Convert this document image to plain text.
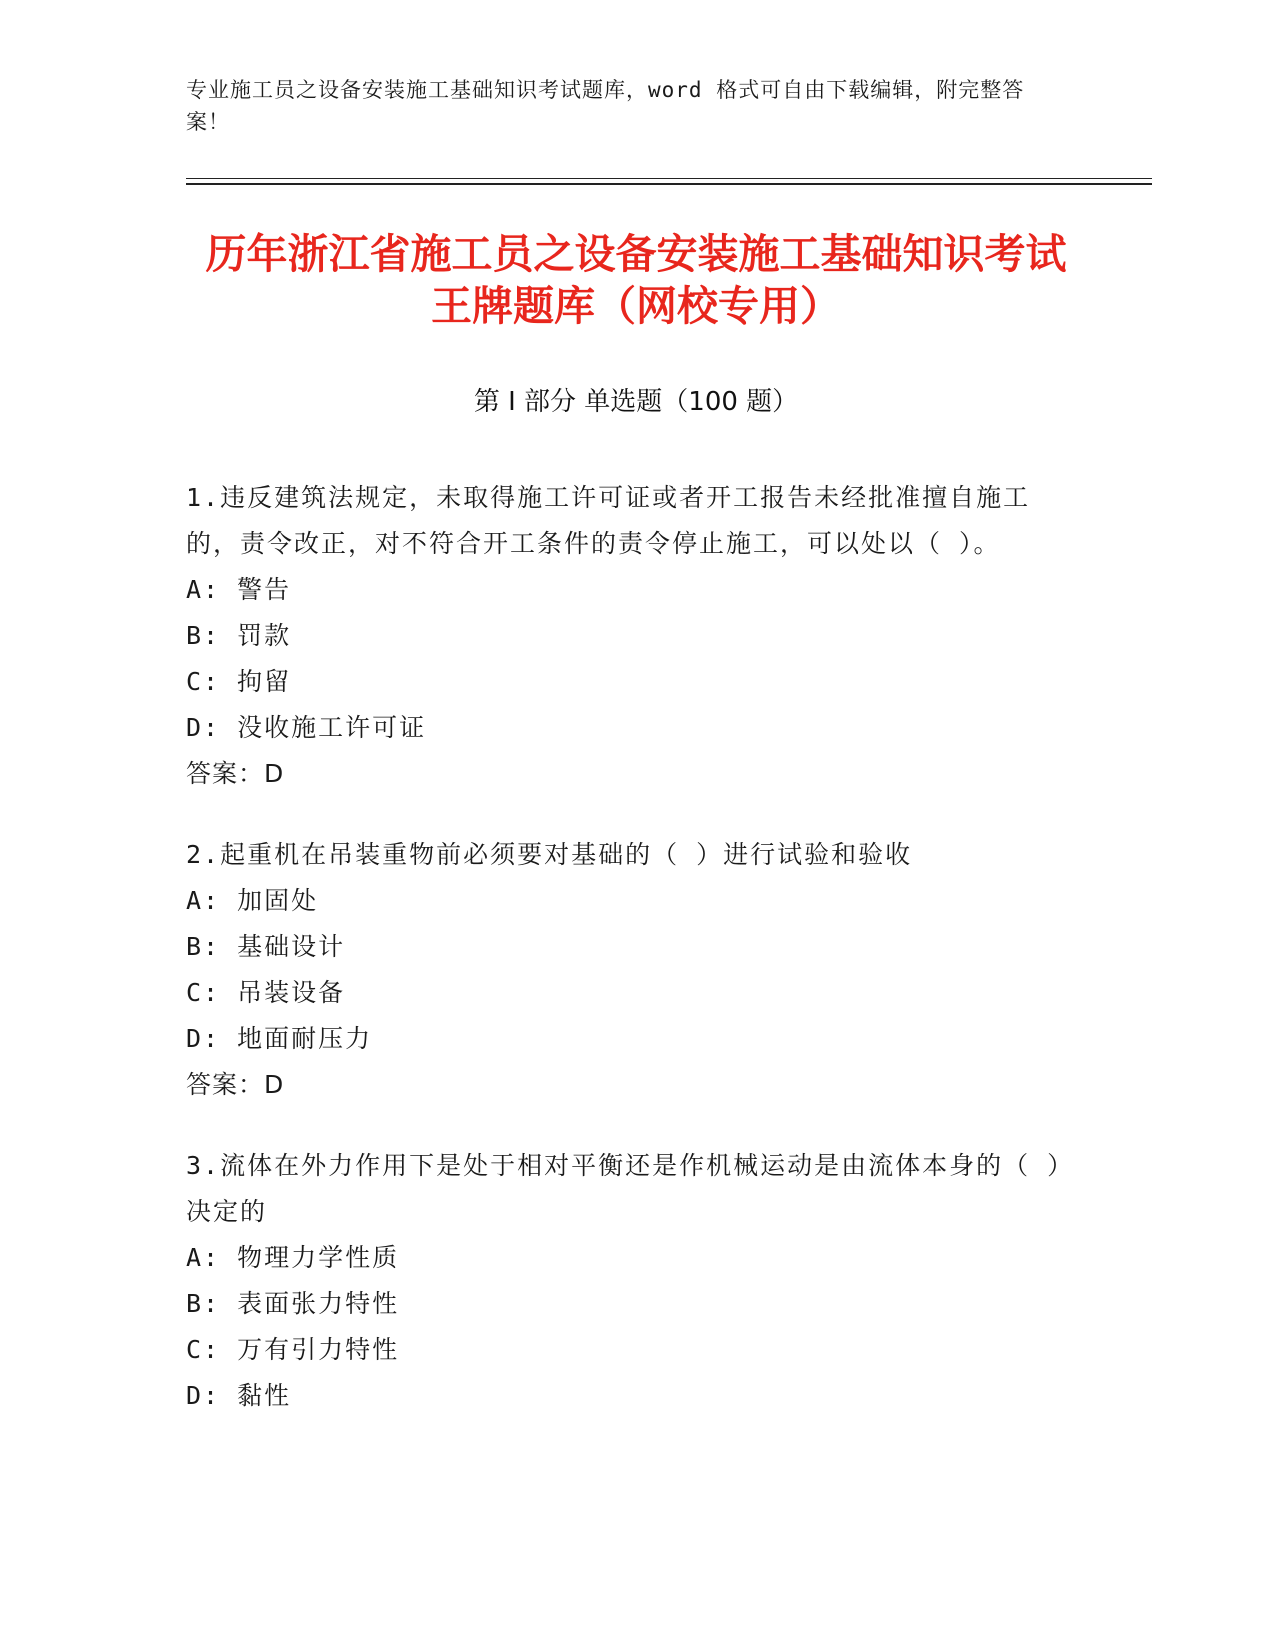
专业施工员之设备安装施工基础知识考试题库，word 格式可自由下载编辑，附完整答案！
历年浙江省施工员之设备安装施工基础知识考试王牌题库（网校专用）
第 I 部分 单选题（100 题）

1.违反建筑法规定，未取得施工许可证或者开工报告未经批准擅自施工的，责令改正，对不符合开工条件的责令停止施工，可以处以（ ）。

A: 警告

B: 罚款

C: 拘留

D: 没收施工许可证

答案：D

2.起重机在吊装重物前必须要对基础的（ ）进行试验和验收

A: 加固处

B: 基础设计

C: 吊装设备

D: 地面耐压力

答案：D

3.流体在外力作用下是处于相对平衡还是作机械运动是由流体本身的（ ）决定的

A: 物理力学性质

B: 表面张力特性

C: 万有引力特性

D: 黏性
